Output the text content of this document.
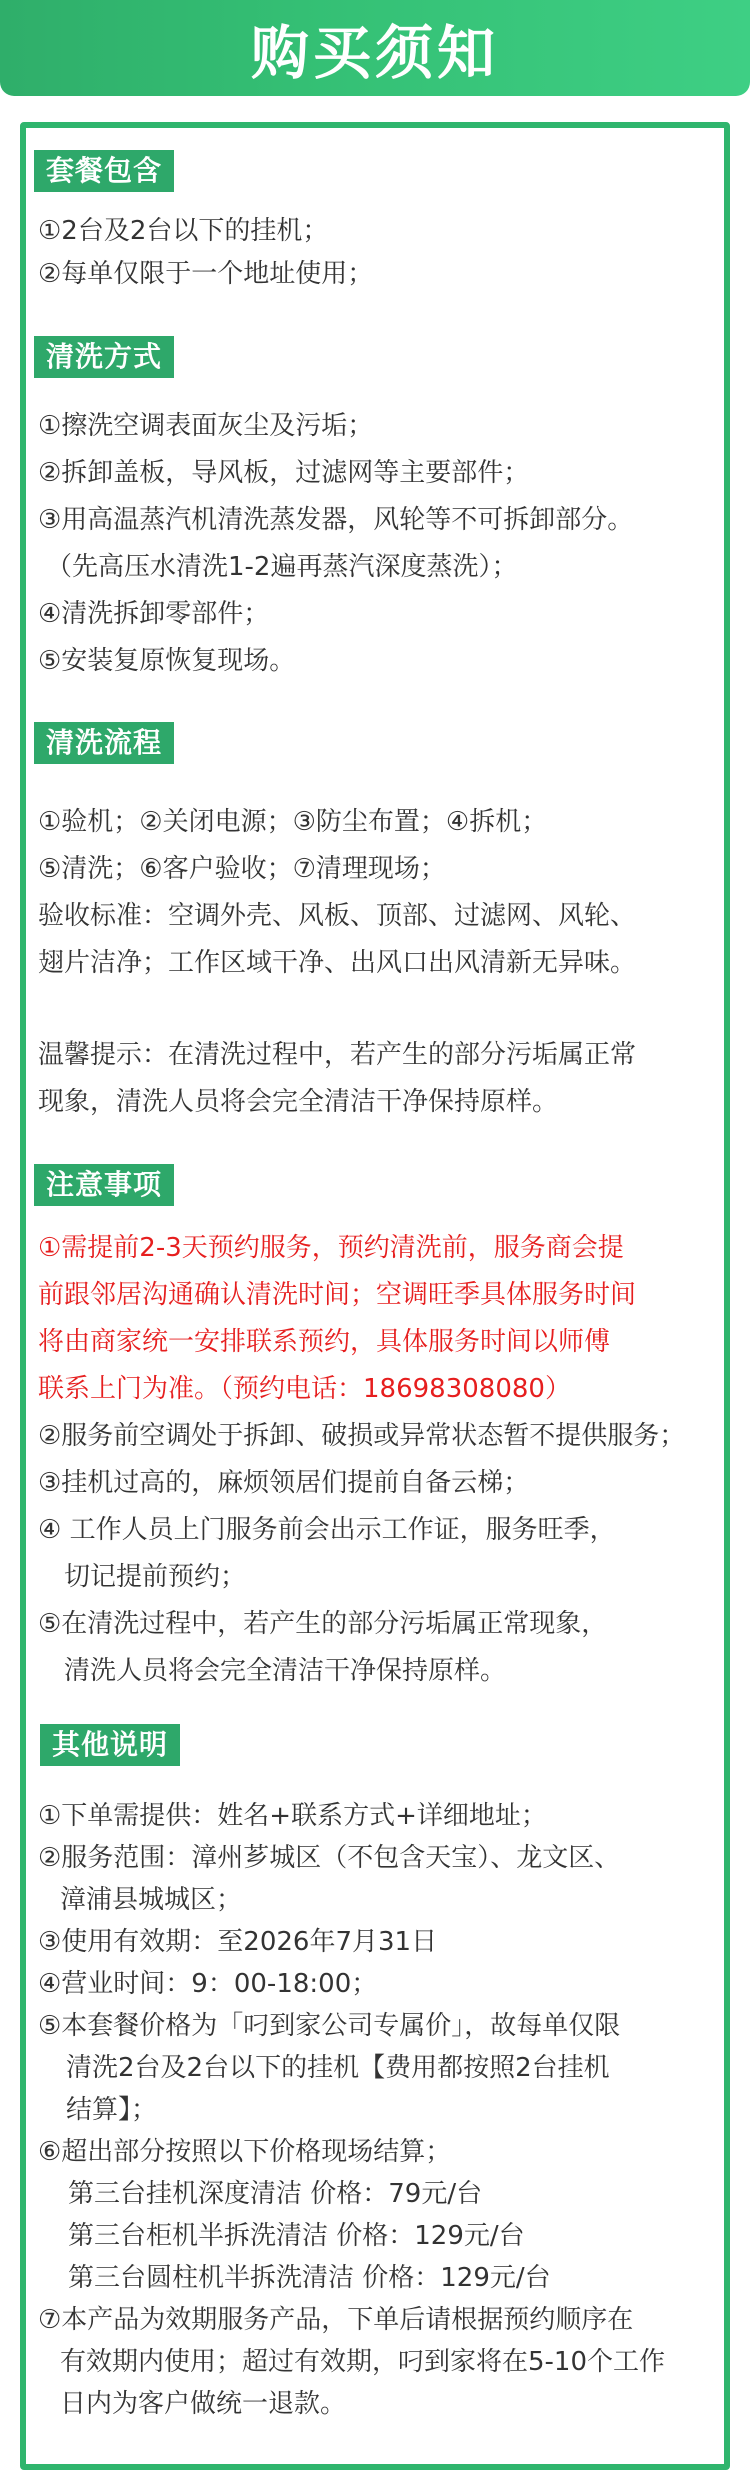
购买须知
套餐包含
①2台及2台以下的挂机；
②每单仅限于一个地址使用；
清洗方式
①擦洗空调表面灰尘及污垢；
②拆卸盖板，导风板，过滤网等主要部件；
③用高温蒸汽机清洗蒸发器，风轮等不可拆卸部分。
（先高压水清洗1-2遍再蒸汽深度蒸洗）；
④清洗拆卸零部件；
⑤安装复原恢复现场。
清洗流程
①验机；②关闭电源；③防尘布置；④拆机；
⑤清洗；⑥客户验收；⑦清理现场；
验收标准：空调外壳、风板、顶部、过滤网、风轮、
翅片洁净；工作区域干净、出风口出风清新无异味。
温馨提示：在清洗过程中，若产生的部分污垢属正常
现象，清洗人员将会完全清洁干净保持原样。
注意事项
①需提前2-3天预约服务，预约清洗前，服务商会提
前跟邻居沟通确认清洗时间；空调旺季具体服务时间
将由商家统一安排联系预约，具体服务时间以师傅
联系上门为准。（预约电话：18698308080）
②服务前空调处于拆卸、破损或异常状态暂不提供服务；
③挂机过高的，麻烦领居们提前自备云梯；
④ 工作人员上门服务前会出示工作证，服务旺季，
切记提前预约；
⑤在清洗过程中，若产生的部分污垢属正常现象，
清洗人员将会完全清洁干净保持原样。
其他说明
①下单需提供：姓名+联系方式+详细地址；
②服务范围：漳州芗城区（不包含天宝）、龙文区、
漳浦县城城区；
③使用有效期：至2026年7月31日
④营业时间：9：00-18:00；
⑤本套餐价格为「叼到家公司专属价」，故每单仅限
清洗2台及2台以下的挂机【费用都按照2台挂机
结算】；
⑥超出部分按照以下价格现场结算；
第三台挂机深度清洁 价格：79元/台
第三台柜机半拆洗清洁 价格：129元/台
第三台圆柱机半拆洗清洁 价格：129元/台
⑦本产品为效期服务产品，下单后请根据预约顺序在
有效期内使用；超过有效期，叼到家将在5-10个工作
日内为客户做统一退款。
